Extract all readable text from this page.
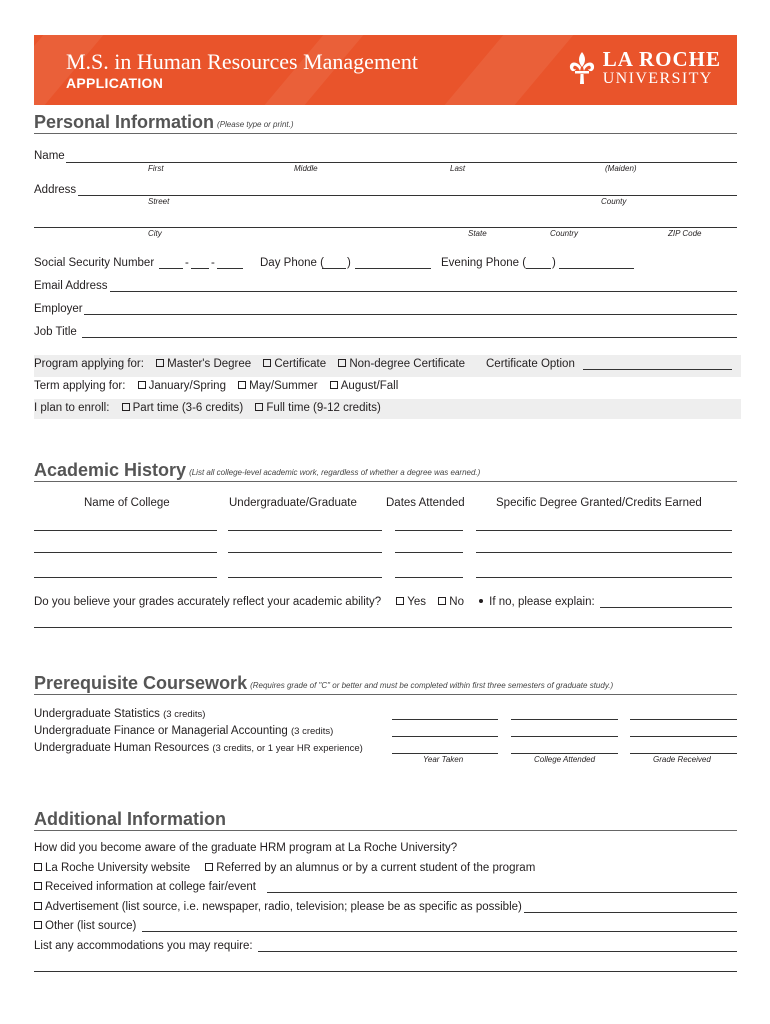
M.S. in Human Resources Management
APPLICATION
LA ROCHE
UNIVERSITY
Personal Information (Please type or print.)
Name
First	Middle	Last	(Maiden)
Address
Street	County
City	State	Country	ZIP Code
Social Security Number	- -	Day Phone ( )	Evening Phone ( )
Email Address
Employer
Job Title
Program applying for: Master's Degree Certificate Non-degree Certificate Certificate Option
Term applying for: January/Spring May/Summer August/Fall
I plan to enroll: Part time (3-6 credits) Full time (9-12 credits)
Academic History (List all college-level academic work, regardless of whether a degree was earned.)
Name of College	Undergraduate/Graduate	Dates Attended	Specific Degree Granted/Credits Earned
Do you believe your grades accurately reflect your academic ability? Yes No If no, please explain:
Prerequisite Coursework (Requires grade of "C" or better and must be completed within first three semesters of graduate study.)
Undergraduate Statistics (3 credits)
Undergraduate Finance or Managerial Accounting (3 credits)
Undergraduate Human Resources (3 credits, or 1 year HR experience)
Year Taken	College Attended	Grade Received
Additional Information
How did you become aware of the graduate HRM program at La Roche University?
La Roche University website Referred by an alumnus or by a current student of the program
Received information at college fair/event
Advertisement (list source, i.e. newspaper, radio, television; please be as specific as possible)
Other (list source)
List any accommodations you may require:
